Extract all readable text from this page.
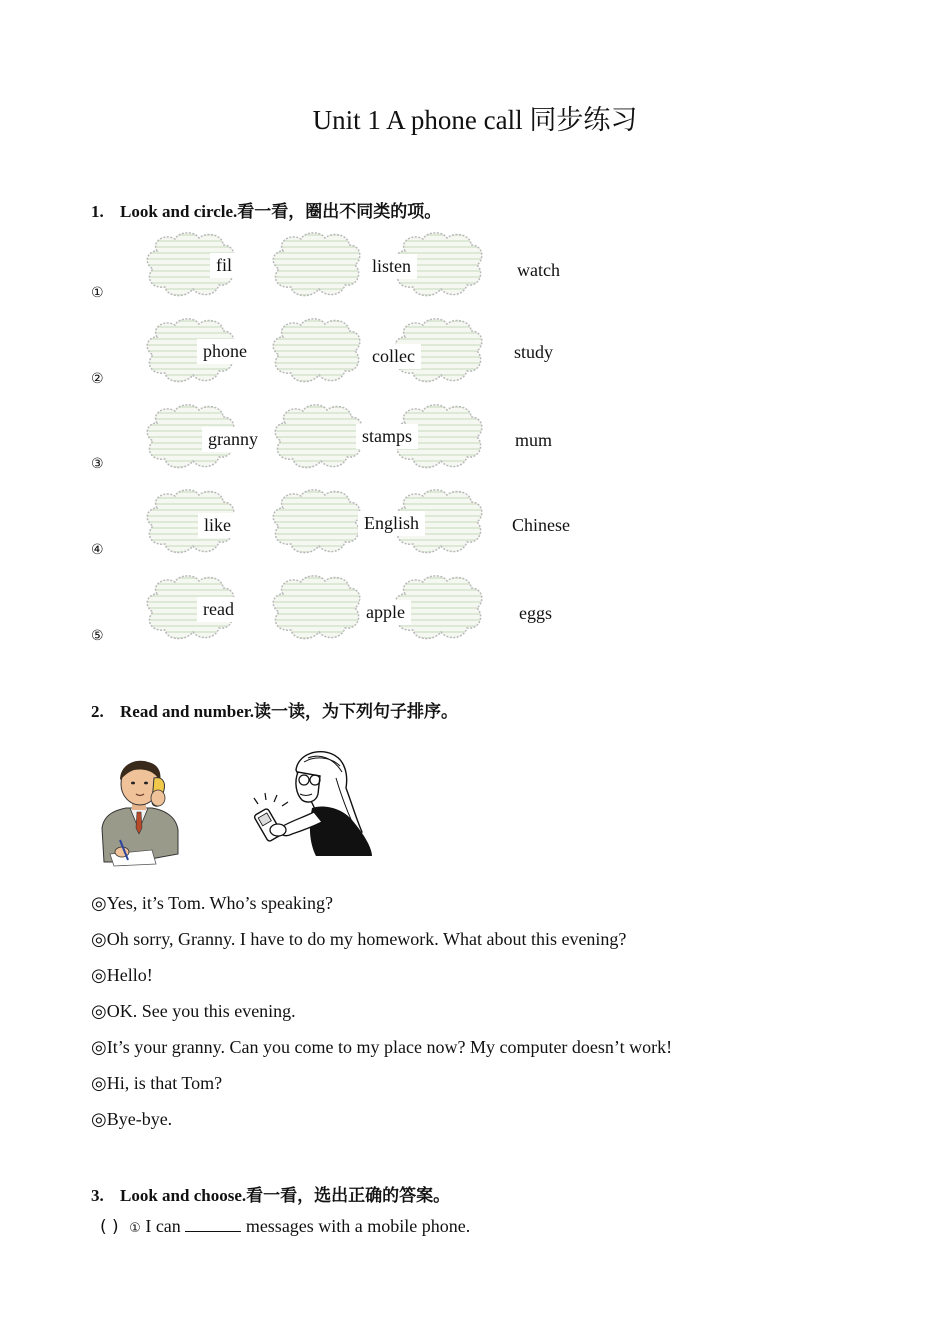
Unit 1 A phone call 同步练习
1. Look and circle.看一看，圈出不同类的项。
①
fil	listen	watch
②
phone	collec	study
③
granny	stamps	mum
④
like	English	Chinese
⑤
read	apple	eggs
2. Read and number.读一读，为下列句子排序。
◎Yes, it’s Tom. Who’s speaking?
◎Oh sorry, Granny. I have to do my homework. What about this evening?
◎Hello!
◎OK. See you this evening.
◎It’s your granny. Can you come to my place now? My computer doesn’t work!
◎Hi, is that Tom?
◎Bye-bye.
3. Look and choose.看一看，选出正确的答案。
( ) ① I can	messages with a mobile phone.
